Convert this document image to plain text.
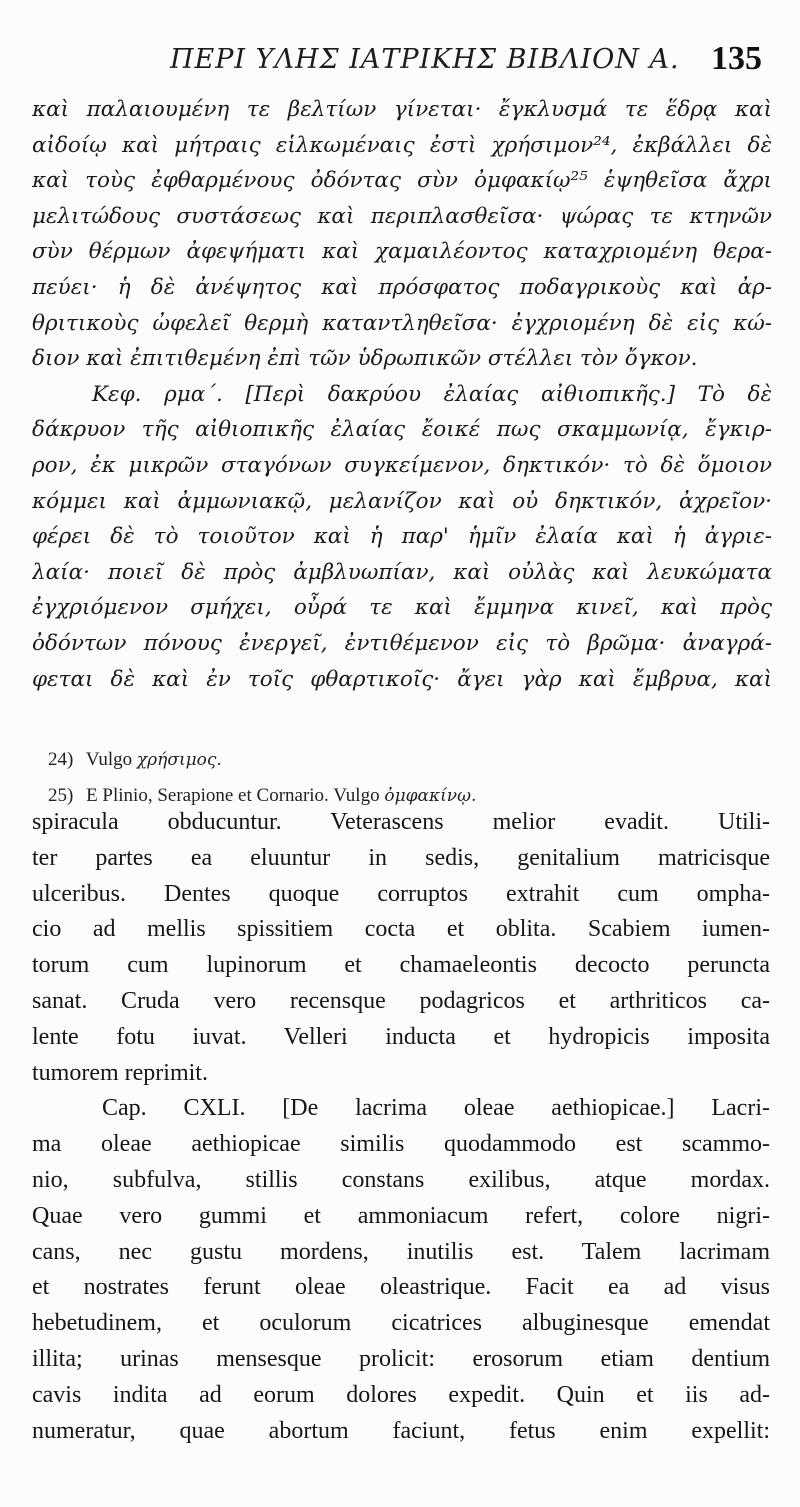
ΠΕΡΙ ΥΛΗΣ ΙΑΤΡΙΚΗΣ ΒΙΒΛΙΟΝ Α. 135
καὶ παλαιουμένη τε βελτίων γίνεται· ἔγκλυσμά τε ἕδρᾳ καὶ
αἰδοίῳ καὶ μήτραις εἱλκωμέναις ἐστὶ χρήσιμον²⁴, ἐκβάλλει δὲ
καὶ τοὺς ἐφθαρμένους ὀδόντας σὺν ὀμφακίῳ²⁵ ἑψηθεῖσα ἄχρι
μελιτώδους συστάσεως καὶ περιπλασθεῖσα· ψώρας τε κτηνῶν
σὺν θέρμων ἀφεψήματι καὶ χαμαιλέοντος καταχριομένη θερα-
πεύει· ἡ δὲ ἀνέψητος καὶ πρόσφατος ποδαγρικοὺς καὶ ἀρ-
θριτικοὺς ὠφελεῖ θερμὴ καταντληθεῖσα· ἐγχριομένη δὲ εἰς κώ-
διον καὶ ἐπιτιθεμένη ἐπὶ τῶν ὑδρωπικῶν στέλλει τὸν ὄγκον.
Κεφ. ρμα΄. [Περὶ δακρύου ἐλαίας αἰθιοπικῆς.] Τὸ δὲ
δάκρυον τῆς αἰθιοπικῆς ἐλαίας ἔοικέ πως σκαμμωνίᾳ, ἔγκιρ-
ρον, ἐκ μικρῶν σταγόνων συγκείμενον, δηκτικόν· τὸ δὲ ὅμοιον
κόμμει καὶ ἀμμωνιακῷ, μελανίζον καὶ οὐ δηκτικόν, ἀχρεῖον·
φέρει δὲ τὸ τοιοῦτον καὶ ἡ παρ' ἡμῖν ἐλαία καὶ ἡ ἀγριε-
λαία· ποιεῖ δὲ πρὸς ἀμβλυωπίαν, καὶ οὐλὰς καὶ λευκώματα
ἐγχριόμενον σμήχει, οὖρά τε καὶ ἔμμηνα κινεῖ, καὶ πρὸς
ὀδόντων πόνους ἐνεργεῖ, ἐντιθέμενον εἰς τὸ βρῶμα· ἀναγρά-
φεται δὲ καὶ ἐν τοῖς φθαρτικοῖς· ἄγει γὰρ καὶ ἔμβρυα, καὶ
24) Vulgo χρήσιμος.
25) E Plinio, Serapione et Cornario. Vulgo ὀμφακίνῳ.
spiracula obducuntur. Veterascens melior evadit. Utili-
ter partes ea eluuntur in sedis, genitalium matricisque
ulceribus. Dentes quoque corruptos extrahit cum ompha-
cio ad mellis spissitiem cocta et oblita. Scabiem iumen-
torum cum lupinorum et chamaeleontis decocto peruncta
sanat. Cruda vero recensque podagricos et arthriticos ca-
lente fotu iuvat. Velleri inducta et hydropicis imposita
tumorem reprimit.
Cap. CXLI. [De lacrima oleae aethiopicae.] Lacri-
ma oleae aethiopicae similis quodammodo est scammo-
nio, subfulva, stillis constans exilibus, atque mordax.
Quae vero gummi et ammoniacum refert, colore nigri-
cans, nec gustu mordens, inutilis est. Talem lacrimam
et nostrates ferunt oleae oleastrique. Facit ea ad visus
hebetudinem, et oculorum cicatrices albuginesque emendat
illita; urinas mensesque prolicit: erosorum etiam dentium
cavis indita ad eorum dolores expedit. Quin et iis ad-
numeratur, quae abortum faciunt, fetus enim expellit:
